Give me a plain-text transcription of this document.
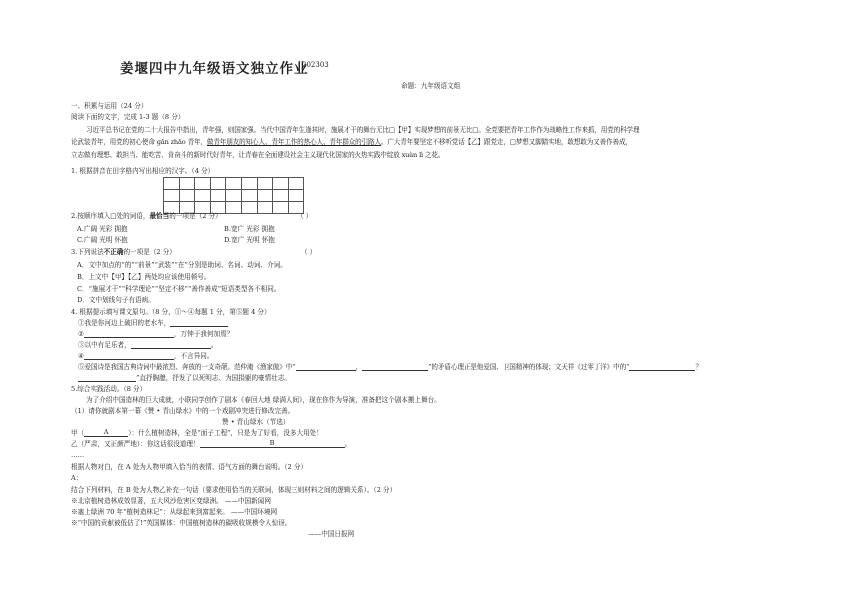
姜堰四中九年级语文独立作业
202303
命题：九年级语文组
一、积累与运用（24 分）
阅读下面的文字，完成 1-3 题（8 分）
习近平总书记在党的二十大报告中指出，青年强，则国家强。当代中国青年生逢其时，施展才干的舞台无比□【甲】实现梦想的前景无比□。全党要把青年工作作为战略性工作来抓，用党的科学理
论武装青年，用党的初心使命 gǎn zhāo 青年，做青年朋友的知心人、青年工作的热心人、青年群众的引路人。广大青年要坚定不移听党话【乙】跟党走，□梦想又脚踏实地，敢想敢为又善作善成，
立志做有理想、敢担当、能吃苦、肯奋斗的新时代好青年，让青春在全面建设社会主义现代化国家的火热实践中绽放 xuàn lì 之花。
1. 根据拼音在田字格内写出相应的汉字。（4 分）

2.按顺序填入□处的词语，最恰当的一项是（2 分）	（ ）
A.广阔 光彩 拥抱	B.宽广 光彩 拥抱
C.广阔 光明 怀抱	D.宽广 光明 怀抱
3.下列说法不正确的一项是（2 分）	（ ）
A．文中加点的“的”“前景”“武装”“在”分别是助词、名词、动词、介词。
B．上文中【甲】【乙】两处均应该使用顿号。
C．“施展才干”“科学理论”“坚定不移”“善作善成”短语类型各不相同。
D．文中划线句子有语病。
4. 根据提示填写课文原句。（8 分，①～④每题 1 分，第⑤题 4 分）
①我是你河边上破旧的老水车，
②	，万钟于我何加焉？
③以中有足乐者，	。
④	，不言异同。
⑤爱国诗是我国古典诗词中最浓烈、奔放的一支奇葩。范仲淹《渔家傲》中“	，	”的矛盾心理正是他爱国、卫国精神的体现；文天祥《过零丁洋》中的“	？
”直抒胸臆，抒发了以死明志、为国捐躯的豪情壮志。
5.综合实践活动。（8 分）
为了介绍中国造林的巨大成就，小联同学创作了剧本《春回大地 绿满人间》，现在你作为导演，准备把这个剧本搬上舞台。
（1）请你就剧本第一幕《赞 • 青山绿水》中的一个戏剧冲突进行修改完善。
赞 • 青山绿水（节选）
甲（	A	）：什么植树造林，全是“面子工程”，只是为了好看，没多大用处！
乙（严肃，又正颜严地）：你这话很没道理！	B	。
……
根据人物对白，在 A 处为人物甲填入恰当的表情、语气方面的舞台说明。（2 分）
A：
结合下列材料，在 B 处为人物乙补充一句话（要求使用恰当的关联词，体现三则材料之间的逻辑关系）。（2 分）
※北京植树造林成效显著，五大风沙危害区变绿洲。 ——中国新闻网
※塞上绿洲 70 年“植树造林记”：从绿起来到富起来。 ——中国环境网
※“中国的贡献被低估了!”英国媒体：中国植树造林的碳吸收规模令人惊讶。
——中国日报网
